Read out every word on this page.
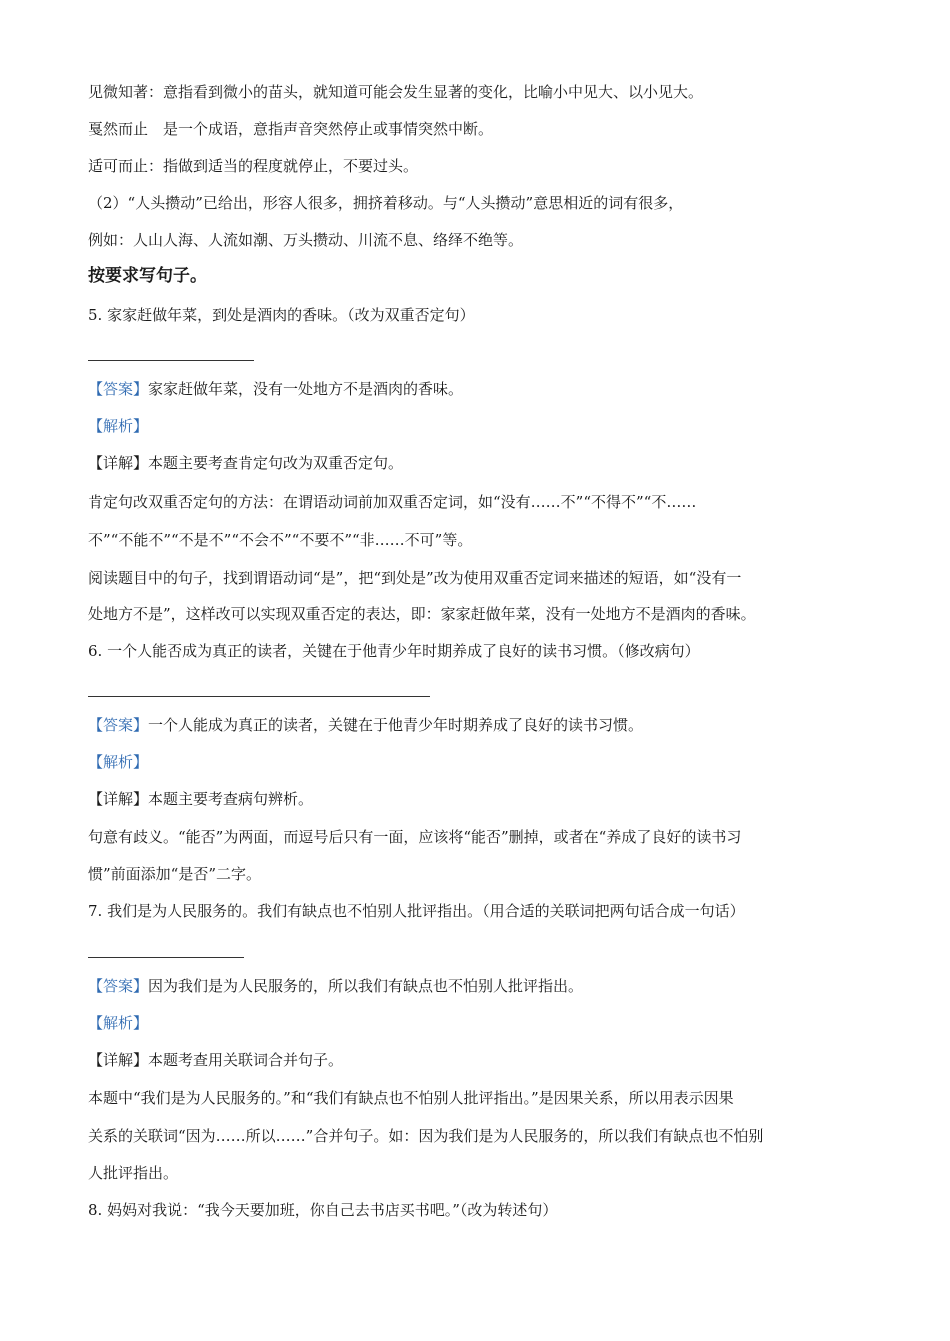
见微知著：意指看到微小的苗头，就知道可能会发生显著的变化，比喻小中见大、以小见大。
戛然而止　是一个成语，意指声音突然停止或事情突然中断。
适可而止：指做到适当的程度就停止，不要过头。
（2）“人头攒动”已给出，形容人很多，拥挤着移动。与“人头攒动”意思相近的词有很多，
例如：人山人海、人流如潮、万头攒动、川流不息、络绎不绝等。
按要求写句子。
5. 家家赶做年菜，到处是酒肉的香味。（改为双重否定句）
【答案】家家赶做年菜，没有一处地方不是酒肉的香味。
【解析】
【详解】本题主要考查肯定句改为双重否定句。
肯定句改双重否定句的方法：在谓语动词前加双重否定词，如“没有……不”“不得不”“不……
不”“不能不”“不是不”“不会不”“不要不”“非……不可”等。
阅读题目中的句子，找到谓语动词“是”，把“到处是”改为使用双重否定词来描述的短语，如“没有一
处地方不是”，这样改可以实现双重否定的表达，即：家家赶做年菜，没有一处地方不是酒肉的香味。
6. 一个人能否成为真正的读者，关键在于他青少年时期养成了良好的读书习惯。（修改病句）
【答案】一个人能成为真正的读者，关键在于他青少年时期养成了良好的读书习惯。
【解析】
【详解】本题主要考查病句辨析。
句意有歧义。“能否”为两面，而逗号后只有一面，应该将“能否”删掉，或者在“养成了良好的读书习
惯”前面添加“是否”二字。
7. 我们是为人民服务的。我们有缺点也不怕别人批评指出。（用合适的关联词把两句话合成一句话）
【答案】因为我们是为人民服务的，所以我们有缺点也不怕别人批评指出。
【解析】
【详解】本题考查用关联词合并句子。
本题中“我们是为人民服务的。”和“我们有缺点也不怕别人批评指出。”是因果关系，所以用表示因果
关系的关联词“因为……所以……”合并句子。如：因为我们是为人民服务的，所以我们有缺点也不怕别
人批评指出。
8. 妈妈对我说：“我今天要加班，你自己去书店买书吧。”（改为转述句）
